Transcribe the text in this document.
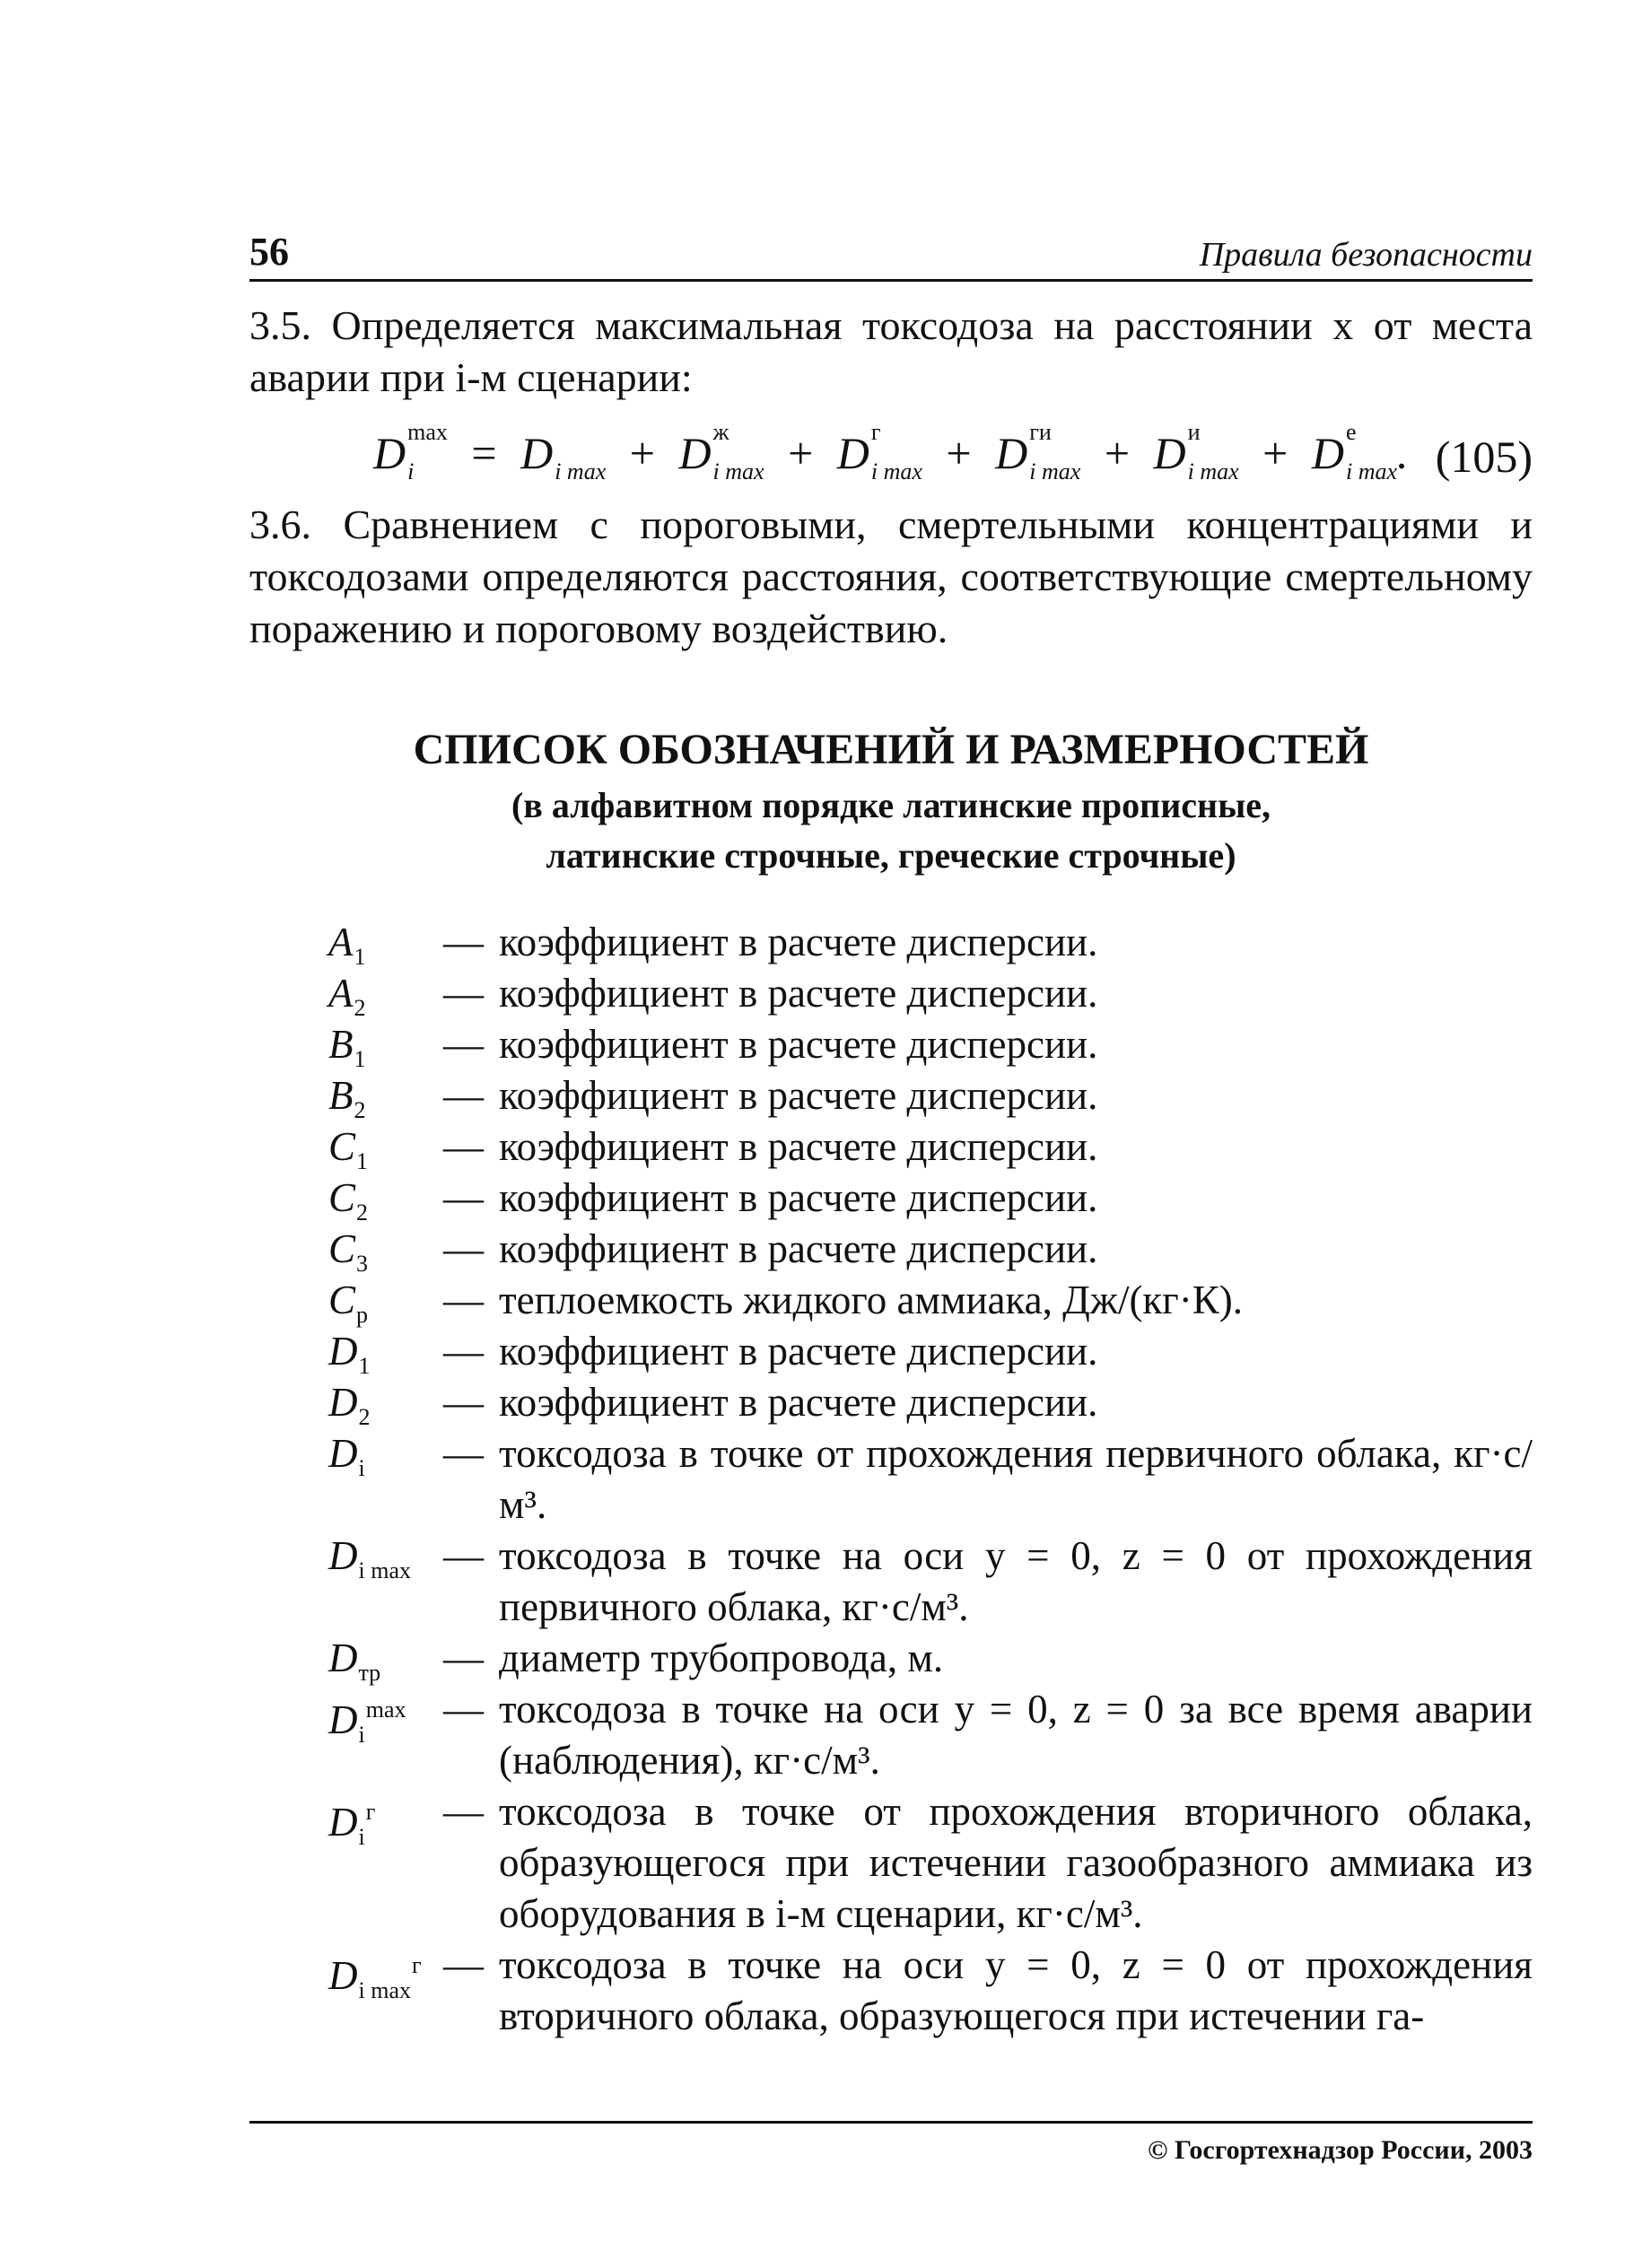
56	Правила безопасности
3.5. Определяется максимальная токсодоза на расстоянии x от места аварии при i-м сценарии:
D max
i	= D
i max + D ж
i max + D г
i max + D ги
i max + D и
i max + D e
i max . (105)
3.6. Сравнением с пороговыми, смертельными концентрациями и токсодозами определяются расстояния, соответствующие смертельному поражению и пороговому воздействию.
СПИСОК ОБОЗНАЧЕНИЙ И РАЗМЕРНОСТЕЙ
(в алфавитном порядке латинские прописные,
латинские строчные, греческие строчные)
$A_1$ — коэффициент в расчете дисперсии.
$A_2$ — коэффициент в расчете дисперсии.
$B_1$ — коэффициент в расчете дисперсии.
$B_2$ — коэффициент в расчете дисперсии.
$C_1$ — коэффициент в расчете дисперсии.
$C_2$ — коэффициент в расчете дисперсии.
$C_3$ — коэффициент в расчете дисперсии.
$C_p$ — теплоемкость жидкого аммиака, Дж/(кг·К).
$D_1$ — коэффициент в расчете дисперсии.
$D_2$ — коэффициент в расчете дисперсии.
$D_i$ — токсодоза в точке от прохождения первичного облака, кг·с/м³.
$D_{i max}$ — токсодоза в точке на оси y = 0, z = 0 от прохождения первичного облака, кг·с/м³.
$D_{тр}$ — диаметр трубопровода, м.
$D_i^{max}$ — токсодоза в точке на оси y = 0, z = 0 за все время аварии (наблюдения), кг·с/м³.
$D_i^г$ — токсодоза в точке от прохождения вторичного облака, образующегося при истечении газообразного аммиака из оборудования в i-м сценарии, кг·с/м³.
$D_{i max}^г$ — токсодоза в точке на оси y = 0, z = 0 от прохождения вторичного облака, образующегося при истечении га-
© Госгортехнадзор России, 2003
